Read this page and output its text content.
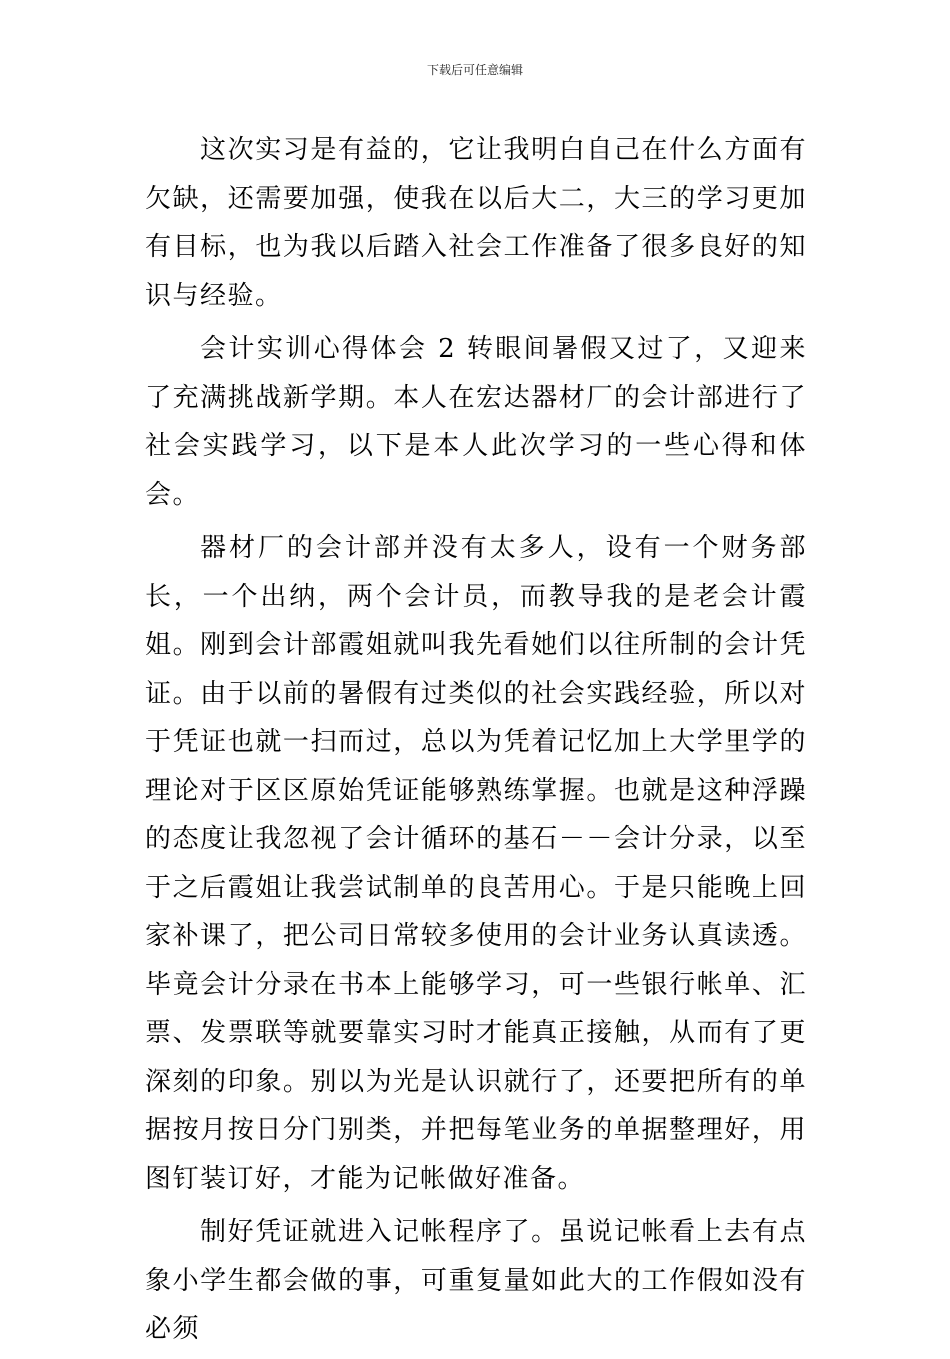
下载后可任意编辑

这次实习是有益的，它让我明白自己在什么方面有欠缺，还需要加强，使我在以后大二，大三的学习更加有目标，也为我以后踏入社会工作准备了很多良好的知识与经验。

会计实训心得体会 2 转眼间暑假又过了，又迎来了充满挑战新学期。本人在宏达器材厂的会计部进行了社会实践学习，以下是本人此次学习的一些心得和体会。

器材厂的会计部并没有太多人，设有一个财务部长，一个出纳，两个会计员，而教导我的是老会计霞姐。刚到会计部霞姐就叫我先看她们以往所制的会计凭证。由于以前的暑假有过类似的社会实践经验，所以对于凭证也就一扫而过，总以为凭着记忆加上大学里学的理论对于区区原始凭证能够熟练掌握。也就是这种浮躁的态度让我忽视了会计循环的基石－－会计分录，以至于之后霞姐让我尝试制单的良苦用心。于是只能晚上回家补课了，把公司日常较多使用的会计业务认真读透。毕竟会计分录在书本上能够学习，可一些银行帐单、汇票、发票联等就要靠实习时才能真正接触，从而有了更深刻的印象。别以为光是认识就行了，还要把所有的单据按月按日分门别类，并把每笔业务的单据整理好，用图钉装订好，才能为记帐做好准备。

制好凭证就进入记帐程序了。虽说记帐看上去有点象小学生都会做的事，可重复量如此大的工作假如没有必须
